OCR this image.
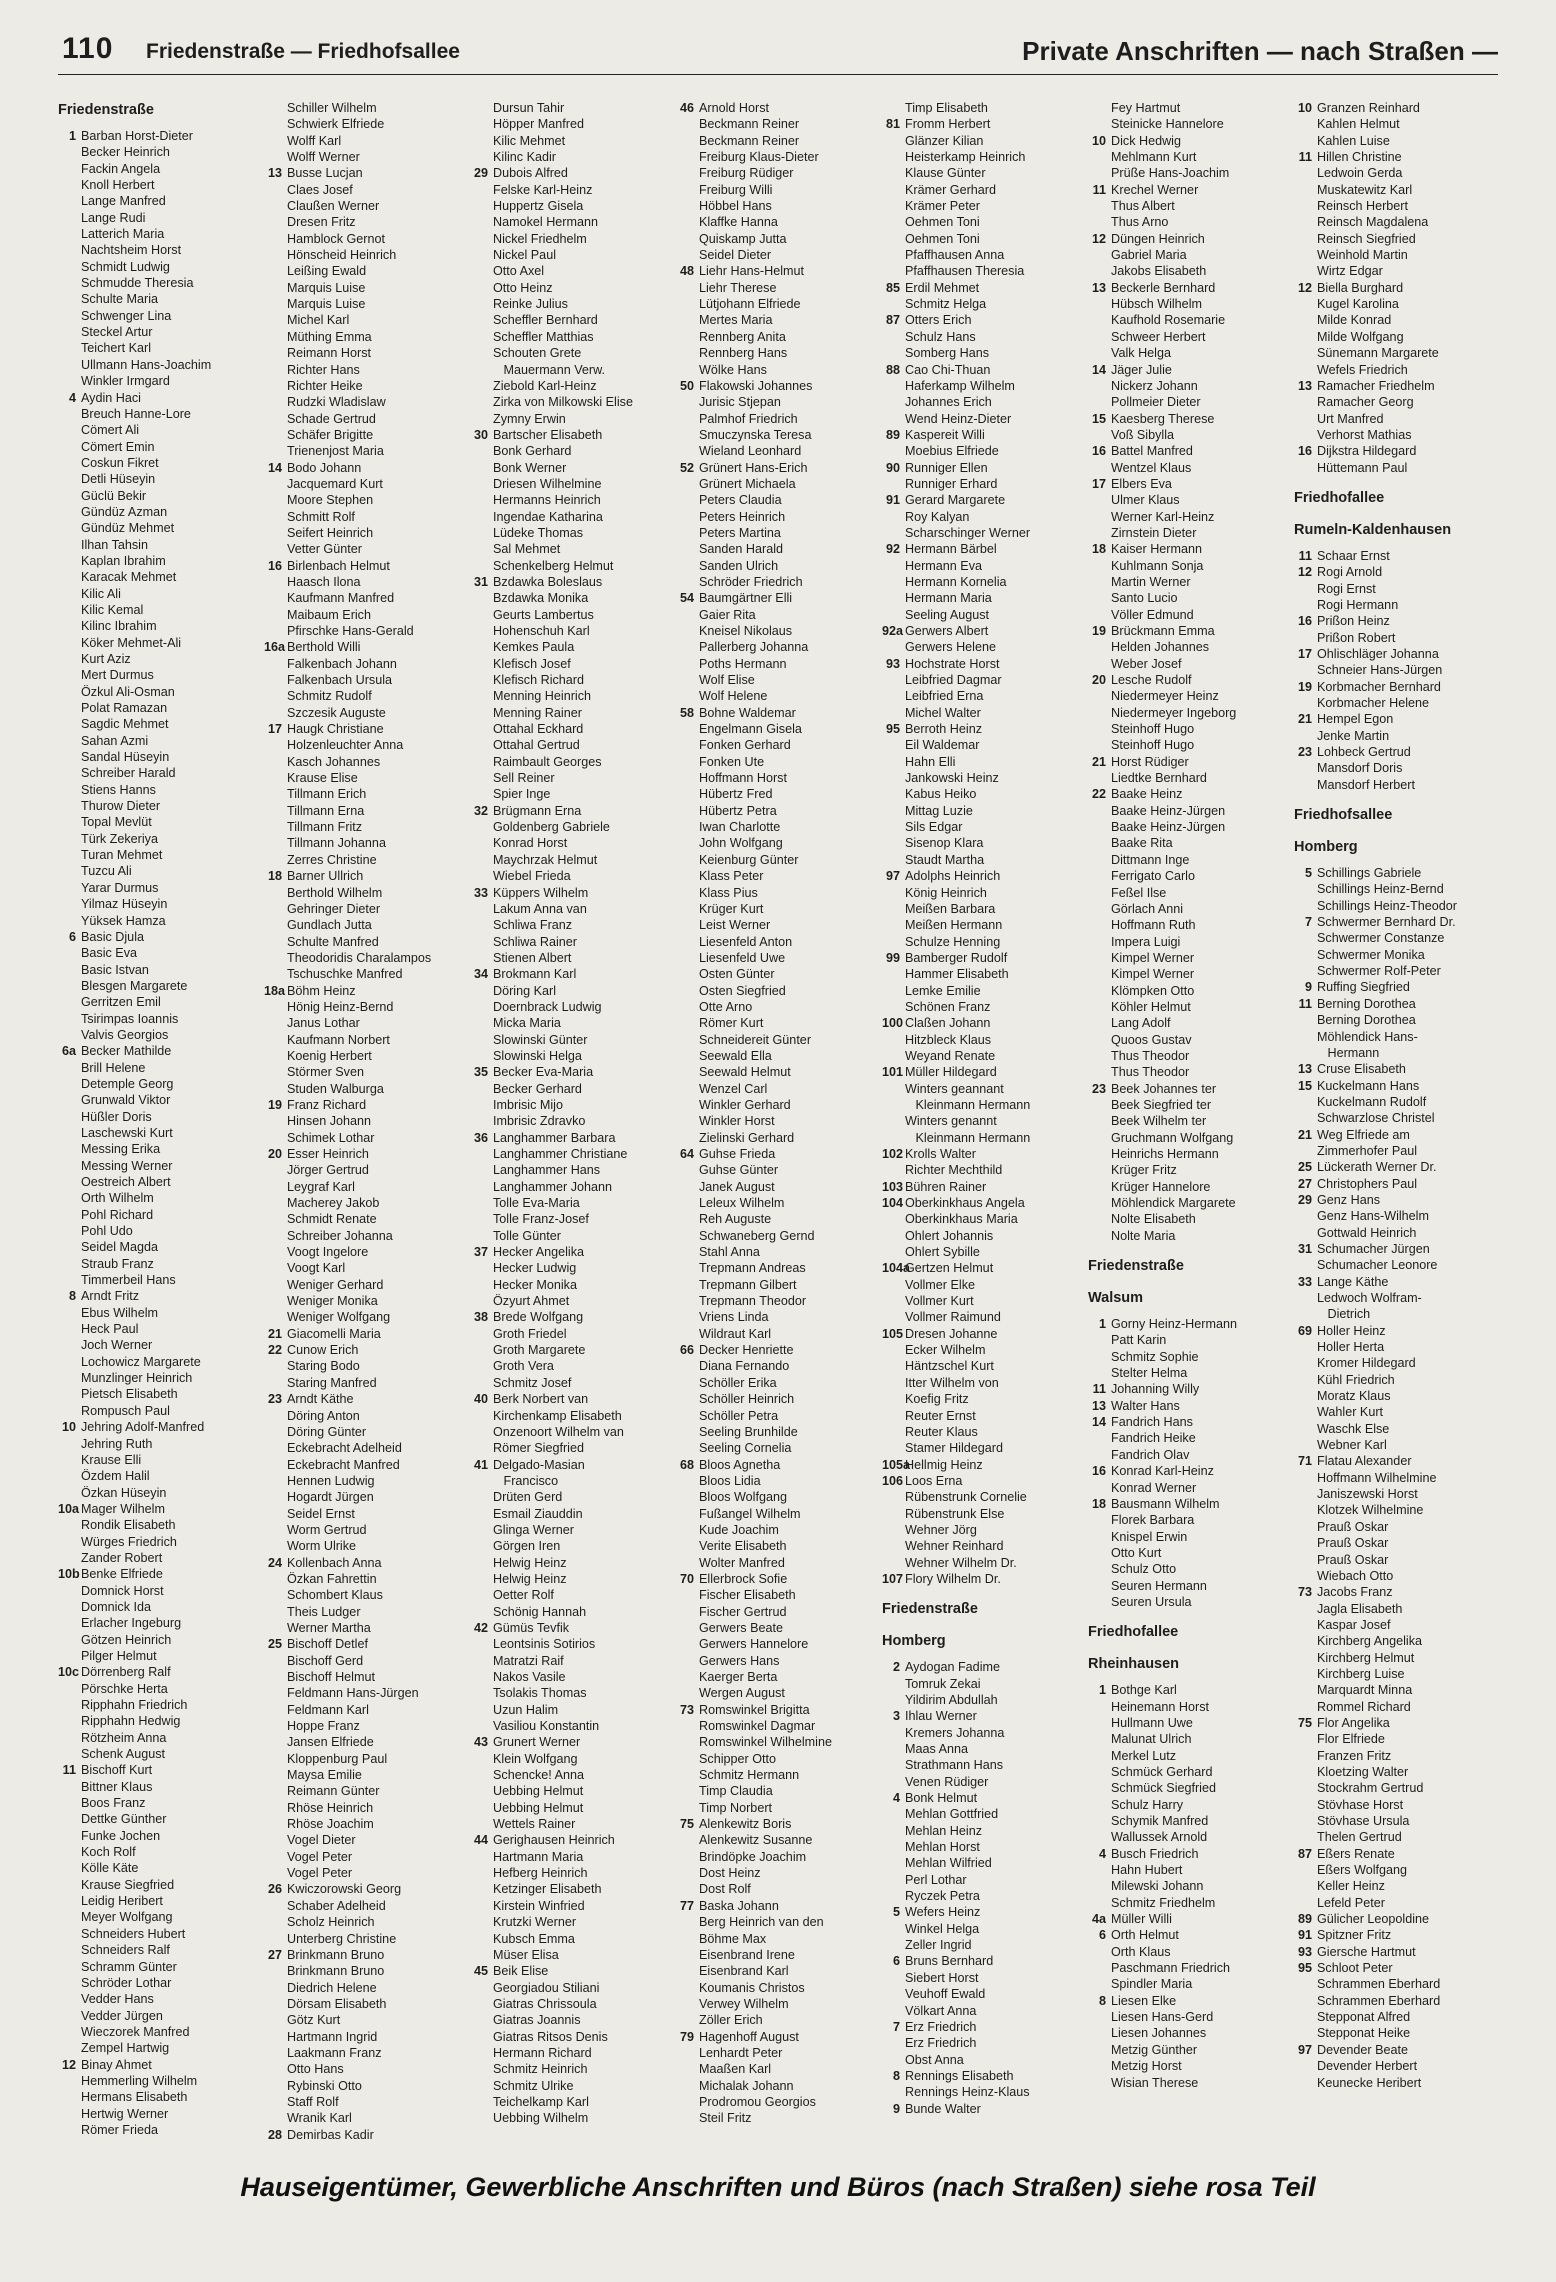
110 Friedenstraße — Friedhofsallee	Private Anschriften — nach Straßen —
Friedenstraße
1 Barban Horst-Dieter
Becker Heinrich
Fackin Angela
Knoll Herbert
Lange Manfred
Lange Rudi
Latterich Maria
Nachtsheim Horst
Schmidt Ludwig
Schmudde Theresia
Schulte Maria
Schwenger Lina
Steckel Artur
Teichert Karl
Ullmann Hans-Joachim
Winkler Irmgard
4 Aydin Haci
Breuch Hanne-Lore
Cömert Ali
Cömert Emin
Coskun Fikret
Detli Hüseyin
Güclü Bekir
Gündüz Azman
Gündüz Mehmet
Ilhan Tahsin
Kaplan Ibrahim
Karacak Mehmet
Kilic Ali
Kilic Kemal
Kilinc Ibrahim
Köker Mehmet-Ali
Kurt Aziz
Mert Durmus
Özkul Ali-Osman
Polat Ramazan
Sagdic Mehmet
Sahan Azmi
Sandal Hüseyin
Schreiber Harald
Stiens Hanns
Thurow Dieter
Topal Mevlüt
Türk Zekeriya
Turan Mehmet
Tuzcu Ali
Yarar Durmus
Yilmaz Hüseyin
Yüksek Hamza
6 Basic Djula
Basic Eva
Basic Istvan
Blesgen Margarete
Gerritzen Emil
Tsirimpas Ioannis
Valvis Georgios
6a Becker Mathilde
Brill Helene
Detemple Georg
Grunwald Viktor
Hüßler Doris
Laschewski Kurt
Messing Erika
Messing Werner
Oestreich Albert
Orth Wilhelm
Pohl Richard
Pohl Udo
Seidel Magda
Straub Franz
Timmerbeil Hans
8 Arndt Fritz
Ebus Wilhelm
Heck Paul
Joch Werner
Lochowicz Margarete
Munzlinger Heinrich
Pietsch Elisabeth
Rompusch Paul
10 Jehring Adolf-Manfred
Jehring Ruth
Krause Elli
Özdem Halil
Özkan Hüseyin
10a Mager Wilhelm
Rondik Elisabeth
Würges Friedrich
Zander Robert
10bBenke Elfriede
Domnick Horst
Domnick Ida
Erlacher Ingeburg
Götzen Heinrich
Pilger Helmut
10c Dörrenberg Ralf
Pörschke Herta
Ripphahn Friedrich
Ripphahn Hedwig
Rötzheim Anna
Schenk August
11 Bischoff Kurt
Bittner Klaus
Boos Franz
Dettke Günther
Funke Jochen
Koch Rolf
Kölle Käte
Krause Siegfried
Leidig Heribert
Meyer Wolfgang
Schneiders Hubert
Schneiders Ralf
Schramm Günter
Schröder Lothar
Vedder Hans
Vedder Jürgen
Wieczorek Manfred
Zempel Hartwig
12 Binay Ahmet
Hemmerling Wilhelm
Hermans Elisabeth
Hertwig Werner
Römer Frieda
Schiller Wilhelm
Schwierk Elfriede
Wolff Karl
Wolff Werner
13 Busse Lucjan
Claes Josef
Claußen Werner
Dresen Fritz
Hamblock Gernot
Hönscheid Heinrich
Leißing Ewald
Marquis Luise
Marquis Luise
Michel Karl
Müthing Emma
Reimann Horst
Richter Hans
Richter Heike
Rudzki Wladislaw
Schade Gertrud
Schäfer Brigitte
Trienenjost Maria
14 Bodo Johann
Jacquemard Kurt
Moore Stephen
Schmitt Rolf
Seifert Heinrich
Vetter Günter
16 Birlenbach Helmut
Haasch Ilona
Kaufmann Manfred
Maibaum Erich
Pfirschke Hans-Gerald
16a Berthold Willi
Falkenbach Johann
Falkenbach Ursula
Schmitz Rudolf
Szczesik Auguste
17 Haugk Christiane
Holzenleuchter Anna
Kasch Johannes
Krause Elise
Tillmann Erich
Tillmann Erna
Tillmann Fritz
Tillmann Johanna
Zerres Christine
18 Barner Ullrich
Berthold Wilhelm
Gehringer Dieter
Gundlach Jutta
Schulte Manfred
Theodoridis Charalampos
Tschuschke Manfred
18a Böhm Heinz
Hönig Heinz-Bernd
Janus Lothar
Kaufmann Norbert
Koenig Herbert
Störmer Sven
Studen Walburga
19 Franz Richard
Hinsen Johann
Schimek Lothar
20 Esser Heinrich
Jörger Gertrud
Leygraf Karl
Macherey Jakob
Schmidt Renate
Schreiber Johanna
Voogt Ingelore
Voogt Karl
Weniger Gerhard
Weniger Monika
Weniger Wolfgang
21 Giacomelli Maria
22 Cunow Erich
Staring Bodo
Staring Manfred
23 Arndt Käthe
Döring Anton
Döring Günter
Eckebracht Adelheid
Eckebracht Manfred
Hennen Ludwig
Hogardt Jürgen
Seidel Ernst
Worm Gertrud
Worm Ulrike
24 Kollenbach Anna
Özkan Fahrettin
Schombert Klaus
Theis Ludger
Werner Martha
25 Bischoff Detlef
Bischoff Gerd
Bischoff Helmut
Feldmann Hans-Jürgen
Feldmann Karl
Hoppe Franz
Jansen Elfriede
Kloppenburg Paul
Maysa Emilie
Reimann Günter
Rhöse Heinrich
Rhöse Joachim
Vogel Dieter
Vogel Peter
Vogel Peter
26 Kwiczorowski Georg
Schaber Adelheid
Scholz Heinrich
Unterberg Christine
27 Brinkmann Bruno
Brinkmann Bruno
Diedrich Helene
Dörsam Elisabeth
Götz Kurt
Hartmann Ingrid
Laakmann Franz
Otto Hans
Rybinski Otto
Staff Rolf
Wranik Karl
28 Demirbas Kadir
Dursun Tahir
Höpper Manfred
Kilic Mehmet
Kilinc Kadir
29 Dubois Alfred
Felske Karl-Heinz
Huppertz Gisela
Namokel Hermann
Nickel Friedhelm
Nickel Paul
Otto Axel
Otto Heinz
Reinke Julius
Scheffler Bernhard
Scheffler Matthias
Schouten Grete
Mauermann Verw.
Ziebold Karl-Heinz
Zirka von Milkowski Elise
Zymny Erwin
30 Bartscher Elisabeth
Bonk Gerhard
Bonk Werner
Driesen Wilhelmine
Hermanns Heinrich
Ingendae Katharina
Lüdeke Thomas
Sal Mehmet
Schenkelberg Helmut
31 Bzdawka Boleslaus
Bzdawka Monika
Geurts Lambertus
Hohenschuh Karl
Kemkes Paula
Klefisch Josef
Klefisch Richard
Menning Heinrich
Menning Rainer
Ottahal Eckhard
Ottahal Gertrud
Raimbault Georges
Sell Reiner
Spier Inge
32 Brügmann Erna
Goldenberg Gabriele
Konrad Horst
Maychrzak Helmut
Wiebel Frieda
33 Küppers Wilhelm
Lakum Anna van
Schliwa Franz
Schliwa Rainer
Stienen Albert
34 Brokmann Karl
Döring Karl
Doernbrack Ludwig
Micka Maria
Slowinski Günter
Slowinski Helga
35 Becker Eva-Maria
Becker Gerhard
Imbrisic Mijo
Imbrisic Zdravko
36 Langhammer Barbara
Langhammer Christiane
Langhammer Hans
Langhammer Johann
Tolle Eva-Maria
Tolle Franz-Josef
Tolle Günter
37 Hecker Angelika
Hecker Ludwig
Hecker Monika
Özyurt Ahmet
38 Brede Wolfgang
Groth Friedel
Groth Margarete
Groth Vera
Schmitz Josef
40 Berk Norbert van
Kirchenkamp Elisabeth
Onzenoort Wilhelm van
Römer Siegfried
41 Delgado-Masian
Francisco
Drüten Gerd
Esmail Ziauddin
Glinga Werner
Görgen Iren
Helwig Heinz
Helwig Heinz
Oetter Rolf
Schönig Hannah
42 Gümüs Tevfik
Leontsinis Sotirios
Matratzi Raif
Nakos Vasile
Tsolakis Thomas
Uzun Halim
Vasiliou Konstantin
43 Grunert Werner
Klein Wolfgang
Schencke! Anna
Uebbing Helmut
Uebbing Helmut
Wettels Rainer
44 Gerighausen Heinrich
Hartmann Maria
Hefberg Heinrich
Ketzinger Elisabeth
Kirstein Winfried
Krutzki Werner
Kubsch Emma
Müser Elisa
45 Beik Elise
Georgiadou Stiliani
Giatras Chrissoula
Giatras Joannis
Giatras Ritsos Denis
Hermann Richard
Schmitz Heinrich
Schmitz Ulrike
Teichelkamp Karl
Uebbing Wilhelm
46 Arnold Horst
Beckmann Reiner
Beckmann Reiner
Freiburg Klaus-Dieter
Freiburg Rüdiger
Freiburg Willi
Höbbel Hans
Klaffke Hanna
Quiskamp Jutta
Seidel Dieter
48 Liehr Hans-Helmut
Liehr Therese
Lütjohann Elfriede
Mertes Maria
Rennberg Anita
Rennberg Hans
Wölke Hans
50 Flakowski Johannes
Jurisic Stjepan
Palmhof Friedrich
Smuczynska Teresa
Wieland Leonhard
52 Grünert Hans-Erich
Grünert Michaela
Peters Claudia
Peters Heinrich
Peters Martina
Sanden Harald
Sanden Ulrich
Schröder Friedrich
54 Baumgärtner Elli
Gaier Rita
Kneisel Nikolaus
Pallerberg Johanna
Poths Hermann
Wolf Elise
Wolf Helene
58 Bohne Waldemar
Engelmann Gisela
Fonken Gerhard
Fonken Ute
Hoffmann Horst
Hübertz Fred
Hübertz Petra
Iwan Charlotte
John Wolfgang
Keienburg Günter
Klass Peter
Klass Pius
Krüger Kurt
Leist Werner
Liesenfeld Anton
Liesenfeld Uwe
Osten Günter
Osten Siegfried
Otte Arno
Römer Kurt
Schneidereit Günter
Seewald Ella
Seewald Helmut
Wenzel Carl
Winkler Gerhard
Winkler Horst
Zielinski Gerhard
64 Guhse Frieda
Guhse Günter
Janek August
Leleux Wilhelm
Reh Auguste
Schwaneberg Gernd
Stahl Anna
Trepmann Andreas
Trepmann Gilbert
Trepmann Theodor
Vriens Linda
Wildraut Karl
66 Decker Henriette
Diana Fernando
Schöller Erika
Schöller Heinrich
Schöller Petra
Seeling Brunhilde
Seeling Cornelia
68 Bloos Agnetha
Bloos Lidia
Bloos Wolfgang
Fußangel Wilhelm
Kude Joachim
Verite Elisabeth
Wolter Manfred
70 Ellerbrock Sofie
Fischer Elisabeth
Fischer Gertrud
Gerwers Beate
Gerwers Hannelore
Gerwers Hans
Kaerger Berta
Wergen August
73 Romswinkel Brigitta
Romswinkel Dagmar
Romswinkel Wilhelmine
Schipper Otto
Schmitz Hermann
Timp Claudia
Timp Norbert
75 Alenkewitz Boris
Alenkewitz Susanne
Brindöpke Joachim
Dost Heinz
Dost Rolf
77 Baska Johann
Berg Heinrich van den
Böhme Max
Eisenbrand Irene
Eisenbrand Karl
Koumanis Christos
Verwey Wilhelm
Zöller Erich
79 Hagenhoff August
Lenhardt Peter
Maaßen Karl
Michalak Johann
Prodromou Georgios
Steil Fritz
Timp Elisabeth
81 Fromm Herbert
Glänzer Kilian
Heisterkamp Heinrich
Klause Günter
Krämer Gerhard
Krämer Peter
Oehmen Toni
Oehmen Toni
Pfaffhausen Anna
Pfaffhausen Theresia
85 Erdil Mehmet
Schmitz Helga
87 Otters Erich
Schulz Hans
Somberg Hans
88 Cao Chi-Thuan
Haferkamp Wilhelm
Johannes Erich
Wend Heinz-Dieter
89 Kaspereit Willi
Moebius Elfriede
90 Runniger Ellen
Runniger Erhard
91 Gerard Margarete
Roy Kalyan
Scharschinger Werner
92 Hermann Bärbel
Hermann Eva
Hermann Kornelia
Hermann Maria
Seeling August
92a Gerwers Albert
Gerwers Helene
93 Hochstrate Horst
Leibfried Dagmar
Leibfried Erna
Michel Walter
95 Berroth Heinz
Eil Waldemar
Hahn Elli
Jankowski Heinz
Kabus Heiko
Mittag Luzie
Sils Edgar
Sisenop Klara
Staudt Martha
97 Adolphs Heinrich
König Heinrich
Meißen Barbara
Meißen Hermann
Schulze Henning
99 Bamberger Rudolf
Hammer Elisabeth
Lemke Emilie
Schönen Franz
100 Claßen Johann
Hitzbleck Klaus
Weyand Renate
101 Müller Hildegard
Winters geannant
Kleinmann Hermann
Winters genannt
Kleinmann Hermann
102 Krolls Walter
Richter Mechthild
103 Bühren Rainer
104 Oberkinkhaus Angela
Oberkinkhaus Maria
Ohlert Johannis
Ohlert Sybille
104aGertzen Helmut
Vollmer Elke
Vollmer Kurt
Vollmer Raimund
105 Dresen Johanne
Ecker Wilhelm
Häntzschel Kurt
Itter Wilhelm von
Koefig Fritz
Reuter Ernst
Reuter Klaus
Stamer Hildegard
105aHellmig Heinz
106 Loos Erna
Rübenstrunk Cornelie
Rübenstrunk Else
Wehner Jörg
Wehner Reinhard
Wehner Wilhelm Dr.
107 Flory Wilhelm Dr.
Friedenstraße
Homberg
2 Aydogan Fadime
Tomruk Zekai
Yildirim Abdullah
3 Ihlau Werner
Kremers Johanna
Maas Anna
Strathmann Hans
Venen Rüdiger
4 Bonk Helmut
Mehlan Gottfried
Mehlan Heinz
Mehlan Horst
Mehlan Wilfried
Perl Lothar
Ryczek Petra
5 Wefers Heinz
Winkel Helga
Zeller Ingrid
6 Bruns Bernhard
Siebert Horst
Veuhoff Ewald
Völkart Anna
7 Erz Friedrich
Erz Friedrich
Obst Anna
8 Rennings Elisabeth
Rennings Heinz-Klaus
9 Bunde Walter
Fey Hartmut
Steinicke Hannelore
10 Dick Hedwig
Mehlmann Kurt
Prüße Hans-Joachim
11 Krechel Werner
Thus Albert
Thus Arno
12 Düngen Heinrich
Gabriel Maria
Jakobs Elisabeth
13 Beckerle Bernhard
Hübsch Wilhelm
Kaufhold Rosemarie
Schweer Herbert
Valk Helga
14 Jäger Julie
Nickerz Johann
Pollmeier Dieter
15 Kaesberg Therese
Voß Sibylla
16 Battel Manfred
Wentzel Klaus
17 Elbers Eva
Ulmer Klaus
Werner Karl-Heinz
Zirnstein Dieter
18 Kaiser Hermann
Kuhlmann Sonja
Martin Werner
Santo Lucio
Völler Edmund
19 Brückmann Emma
Helden Johannes
Weber Josef
20 Lesche Rudolf
Niedermeyer Heinz
Niedermeyer Ingeborg
Steinhoff Hugo
Steinhoff Hugo
21 Horst Rüdiger
Liedtke Bernhard
22 Baake Heinz
Baake Heinz-Jürgen
Baake Heinz-Jürgen
Baake Rita
Dittmann Inge
Ferrigato Carlo
Feßel Ilse
Görlach Anni
Hoffmann Ruth
Impera Luigi
Kimpel Werner
Kimpel Werner
Klömpken Otto
Köhler Helmut
Lang Adolf
Quoos Gustav
Thus Theodor
Thus Theodor
23 Beek Johannes ter
Beek Siegfried ter
Beek Wilhelm ter
Gruchmann Wolfgang
Heinrichs Hermann
Krüger Fritz
Krüger Hannelore
Möhlendick Margarete
Nolte Elisabeth
Nolte Maria
Friedenstraße
Walsum
1 Gorny Heinz-Hermann
Patt Karin
Schmitz Sophie
Stelter Helma
11 Johanning Willy
13 Walter Hans
14 Fandrich Hans
Fandrich Heike
Fandrich Olav
16 Konrad Karl-Heinz
Konrad Werner
18 Bausmann Wilhelm
Florek Barbara
Knispel Erwin
Otto Kurt
Schulz Otto
Seuren Hermann
Seuren Ursula
Friedhofallee
Rheinhausen
1 Bothge Karl
Heinemann Horst
Hullmann Uwe
Malunat Ulrich
Merkel Lutz
Schmück Gerhard
Schmück Siegfried
Schulz Harry
Schymik Manfred
Wallussek Arnold
4 Busch Friedrich
Hahn Hubert
Milewski Johann
Schmitz Friedhelm
4a Müller Willi
6 Orth Helmut
Orth Klaus
Paschmann Friedrich
Spindler Maria
8 Liesen Elke
Liesen Hans-Gerd
Liesen Johannes
Metzig Günther
Metzig Horst
Wisian Therese
10 Granzen Reinhard
Kahlen Helmut
Kahlen Luise
11 Hillen Christine
Ledwoin Gerda
Muskatewitz Karl
Reinsch Herbert
Reinsch Magdalena
Reinsch Siegfried
Weinhold Martin
Wirtz Edgar
12 Biella Burghard
Kugel Karolina
Milde Konrad
Milde Wolfgang
Sünemann Margarete
Wefels Friedrich
13 Ramacher Friedhelm
Ramacher Georg
Urt Manfred
Verhorst Mathias
16 Dijkstra Hildegard
Hüttemann Paul
Friedhofallee
Rumeln-Kaldenhausen
11 Schaar Ernst
12 Rogi Arnold
Rogi Ernst
Rogi Hermann
16 Prißon Heinz
Prißon Robert
17 Ohlischläger Johanna
Schneier Hans-Jürgen
19 Korbmacher Bernhard
Korbmacher Helene
21 Hempel Egon
Jenke Martin
23 Lohbeck Gertrud
Mansdorf Doris
Mansdorf Herbert
Friedhofsallee
Homberg
5 Schillings Gabriele
Schillings Heinz-Bernd
Schillings Heinz-Theodor
7 Schwermer Bernhard Dr.
Schwermer Constanze
Schwermer Monika
Schwermer Rolf-Peter
9 Ruffing Siegfried
11 Berning Dorothea
Berning Dorothea
Möhlendick Hans-
Hermann
13 Cruse Elisabeth
15 Kuckelmann Hans
Kuckelmann Rudolf
Schwarzlose Christel
21 Weg Elfriede am
Zimmerhofer Paul
25 Lückerath Werner Dr.
27 Christophers Paul
29 Genz Hans
Genz Hans-Wilhelm
Gottwald Heinrich
31 Schumacher Jürgen
Schumacher Leonore
33 Lange Käthe
Ledwoch Wolfram-
Dietrich
69 Holler Heinz
Holler Herta
Kromer Hildegard
Kühl Friedrich
Moratz Klaus
Wahler Kurt
Waschk Else
Webner Karl
71 Flatau Alexander
Hoffmann Wilhelmine
Janiszewski Horst
Klotzek Wilhelmine
Prauß Oskar
Prauß Oskar
Prauß Oskar
Wiebach Otto
73 Jacobs Franz
Jagla Elisabeth
Kaspar Josef
Kirchberg Angelika
Kirchberg Helmut
Kirchberg Luise
Marquardt Minna
Rommel Richard
75 Flor Angelika
Flor Elfriede
Franzen Fritz
Kloetzing Walter
Stockrahm Gertrud
Stövhase Horst
Stövhase Ursula
Thelen Gertrud
87 Eßers Renate
Eßers Wolfgang
Keller Heinz
Lefeld Peter
89 Gülicher Leopoldine
91 Spitzner Fritz
93 Giersche Hartmut
95 Schloot Peter
Schrammen Eberhard
Schrammen Eberhard
Stepponat Alfred
Stepponat Heike
97 Devender Beate
Devender Herbert
Keunecke Heribert
Hauseigentümer, Gewerbliche Anschriften und Büros (nach Straßen) siehe rosa Teil
